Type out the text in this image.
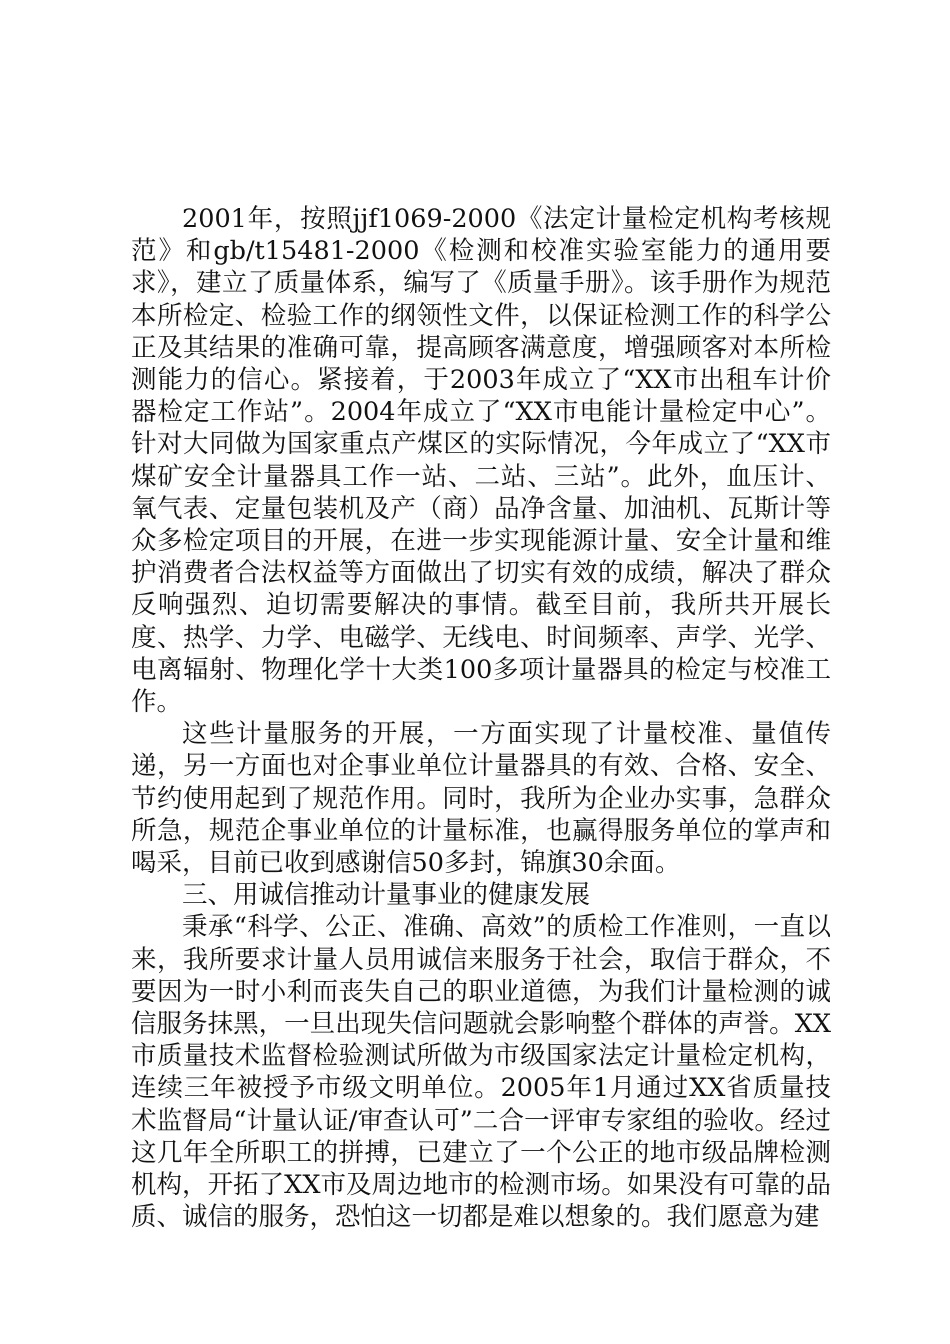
2001年，按照jjf1069-2000《法定计量检定机构考核规范》和gb/t15481-2000《检测和校准实验室能力的通用要求》，建立了质量体系，编写了《质量手册》。该手册作为规范本所检定、检验工作的纲领性文件，以保证检测工作的科学公正及其结果的准确可靠，提高顾客满意度，增强顾客对本所检测能力的信心。紧接着，于2003年成立了“XX市出租车计价器检定工作站”。2004年成立了“XX市电能计量检定中心”。针对大同做为国家重点产煤区的实际情况，今年成立了“XX市煤矿安全计量器具工作一站、二站、三站”。此外，血压计、氧气表、定量包装机及产（商）品净含量、加油机、瓦斯计等众多检定项目的开展，在进一步实现能源计量、安全计量和维护消费者合法权益等方面做出了切实有效的成绩，解决了群众反响强烈、迫切需要解决的事情。截至目前，我所共开展长度、热学、力学、电磁学、无线电、时间频率、声学、光学、电离辐射、物理化学十大类100多项计量器具的检定与校准工作。

这些计量服务的开展，一方面实现了计量校准、量值传递，另一方面也对企事业单位计量器具的有效、合格、安全、节约使用起到了规范作用。同时，我所为企业办实事，急群众所急，规范企事业单位的计量标准，也赢得服务单位的掌声和喝采，目前已收到感谢信50多封，锦旗30余面。

三、用诚信推动计量事业的健康发展

秉承“科学、公正、准确、高效”的质检工作准则，一直以来，我所要求计量人员用诚信来服务于社会，取信于群众，不要因为一时小利而丧失自己的职业道德，为我们计量检测的诚信服务抹黑，一旦出现失信问题就会影响整个群体的声誉。XX市质量技术监督检验测试所做为市级国家法定计量检定机构，连续三年被授予市级文明单位。2005年1月通过XX省质量技术监督局“计量认证/审查认可”二合一评审专家组的验收。经过这几年全所职工的拼搏，已建立了一个公正的地市级品牌检测机构，开拓了XX市及周边地市的检测市场。如果没有可靠的品质、诚信的服务，恐怕这一切都是难以想象的。我们愿意为建
